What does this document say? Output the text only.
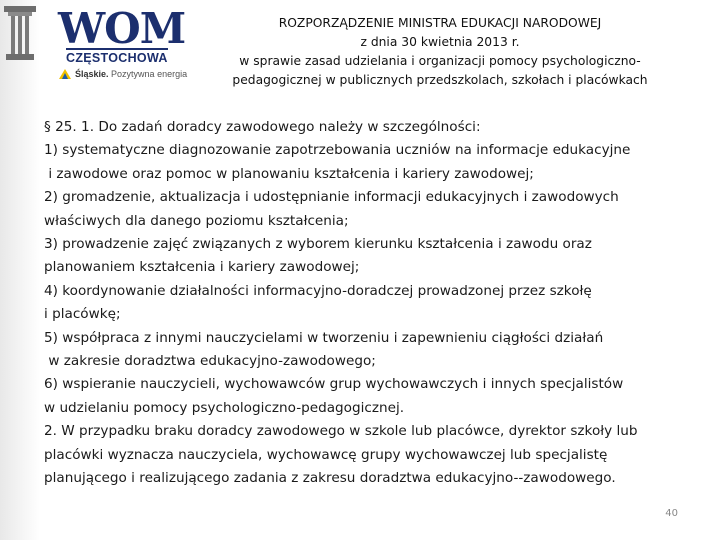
WOM
CZĘSTOCHOWA
Śląskie.
Pozytywna energia
ROZPORZĄDZENIE MINISTRA EDUKACJI NARODOWEJ
z dnia 30 kwietnia 2013 r.
w sprawie zasad udzielania i organizacji pomocy psychologiczno-
pedagogicznej w publicznych przedszkolach, szkołach i placówkach

§ 25. 1. Do zadań doradcy zawodowego należy w szczególności:

1) systematyczne diagnozowanie zapotrzebowania uczniów na informacje edukacyjne

i zawodowe oraz pomoc w planowaniu kształcenia i kariery zawodowej;

2) gromadzenie, aktualizacja i udostępnianie informacji edukacyjnych i zawodowych

właściwych dla danego poziomu kształcenia;

3) prowadzenie zajęć związanych z wyborem kierunku kształcenia i zawodu oraz

planowaniem kształcenia i kariery zawodowej;

4) koordynowanie działalności informacyjno-doradczej prowadzonej przez szkołę

i placówkę;

5) współpraca z innymi nauczycielami w tworzeniu i zapewnieniu ciągłości działań

w zakresie doradztwa edukacyjno-zawodowego;

6) wspieranie nauczycieli, wychowawców grup wychowawczych i innych specjalistów

w udzielaniu pomocy psychologiczno-pedagogicznej.

2. W przypadku braku doradcy zawodowego w szkole lub placówce, dyrektor szkoły lub

placówki wyznacza nauczyciela, wychowawcę grupy wychowawczej lub specjalistę

planującego i realizującego zadania z zakresu doradztwa edukacyjno--zawodowego.

40
